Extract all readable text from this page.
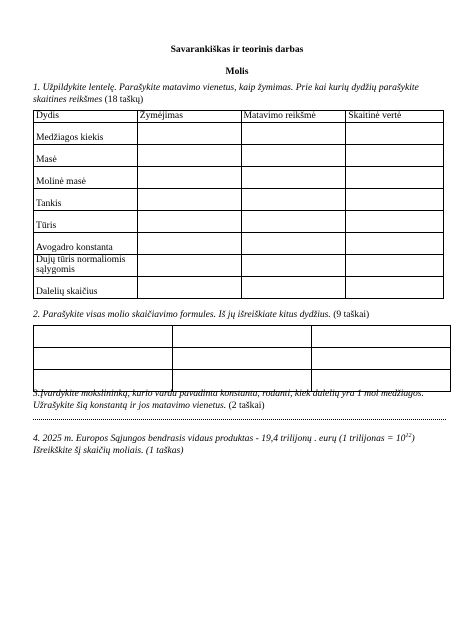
Savarankiškas ir teorinis darbas
Molis
1. Užpildykite lentelę. Parašykite matavimo vienetus, kaip žymimas. Prie kai kurių dydžių parašykite skaitines reikšmes (18 taškų)
Dydis	Žymėjimas	Matavimo reikšmė	Skaitinė vertė
Medžiagos kiekis			
Masė			
Molinė masė			
Tankis			
Tūris			
Avogadro konstanta			
Dujų tūris normaliomis sąlygomis			
Dalelių skaičius			
2. Parašykite visas molio skaičiavimo formules. Iš jų išreiškiate kitus dydžius. (9 taškai)

3.Įvardykite mokslininką, kurio vardu pavadinta konstanta, rodanti, kiek dalelių yra 1 mol medžiagos. Užrašykite šią konstantą ir jos matavimo vienetus. (2 taškai)
4. 2025 m. Europos Sąjungos bendrasis vidaus produktas - 19,4 trilijonų . eurų (1 trilijonas = $10^{12}$) Išreikškite šį skaičių moliais. (1 taškas)
